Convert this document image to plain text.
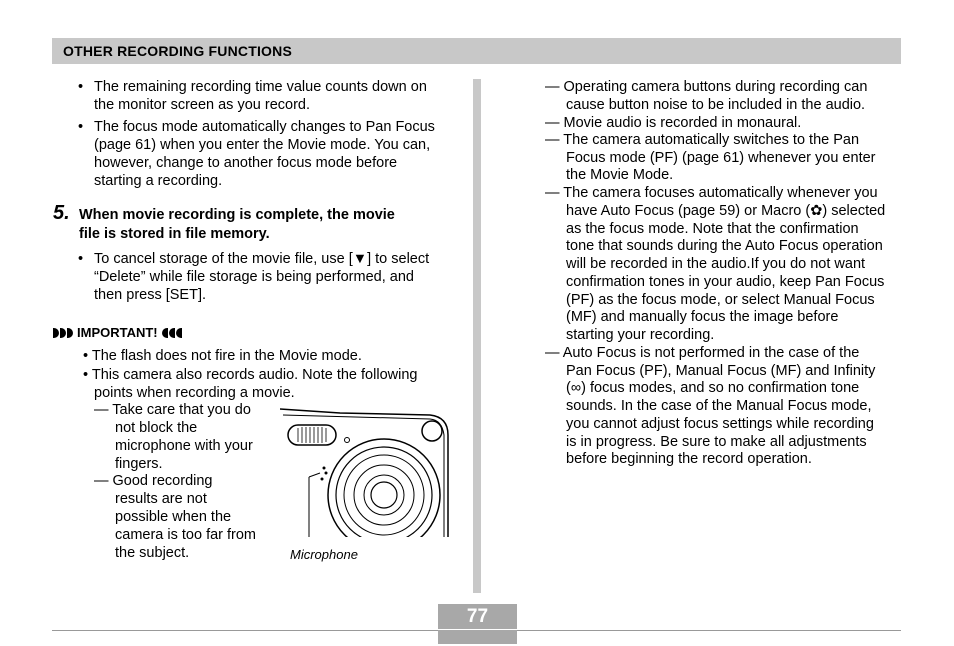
OTHER RECORDING FUNCTIONS
• The remaining recording time value counts down on
the monitor screen as you record.
• The focus mode automatically changes to Pan Focus
(page 61) when you enter the Movie mode. You can,
however, change to another focus mode before
starting a recording.
5. When movie recording is complete, the movie
file is stored in file memory.
• To cancel storage of the movie file, use [▼] to select
“Delete” while file storage is being performed, and
then press [SET].
IMPORTANT!
• The flash does not fire in the Movie mode.
• This camera also records audio. Note the following
points when recording a movie.
— Take care that you do
not block the
microphone with your
fingers.
— Good recording
results are not
possible when the
camera is too far from
the subject.	Microphone
— Operating camera buttons during recording can
cause button noise to be included in the audio.
— Movie audio is recorded in monaural.
— The camera automatically switches to the Pan
Focus mode (PF) (page 61) whenever you enter
the Movie Mode.
— The camera focuses automatically whenever you
have Auto Focus (page 59) or Macro (✿) selected
as the focus mode. Note that the confirmation
tone that sounds during the Auto Focus operation
will be recorded in the audio.If you do not want
confirmation tones in your audio, keep Pan Focus
(PF) as the focus mode, or select Manual Focus
(MF) and manually focus the image before
starting your recording.
— Auto Focus is not performed in the case of the
Pan Focus (PF), Manual Focus (MF) and Infinity
(∞) focus modes, and so no confirmation tone
sounds. In the case of the Manual Focus mode,
you cannot adjust focus settings while recording
is in progress. Be sure to make all adjustments
before beginning the record operation.
77
